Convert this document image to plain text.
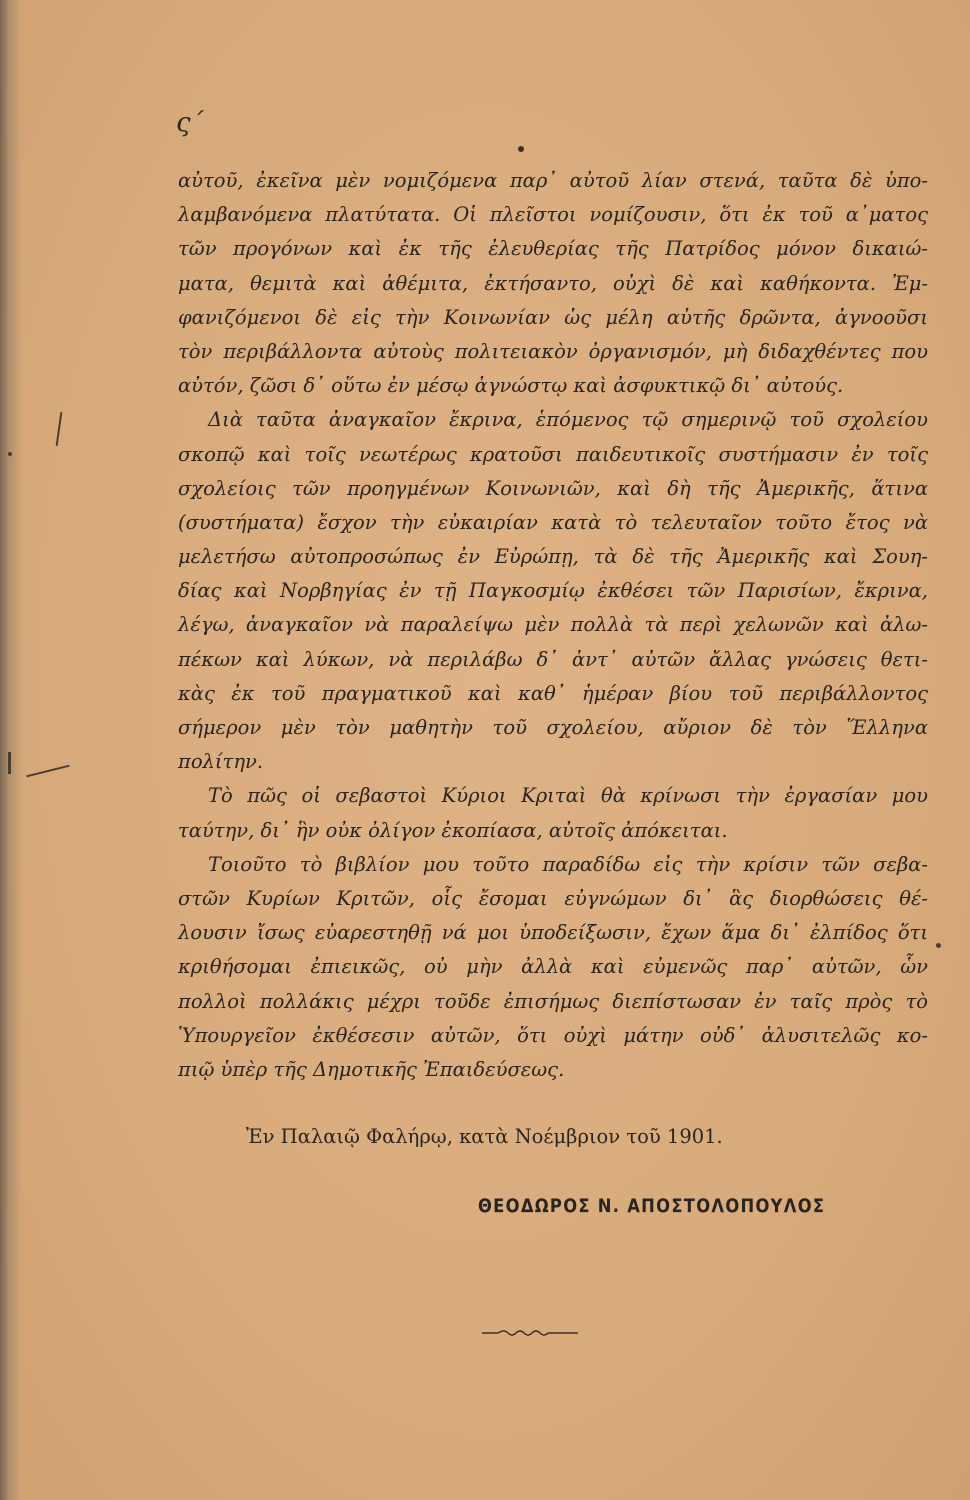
ς΄
αὐτοῦ, ἐκεῖνα μὲν νομιζόμενα παρ᾽ αὐτοῦ λίαν στενά, ταῦτα δὲ ὑπο-
λαμβανόμενα πλατύτατα. Οἱ πλεῖστοι νομίζουσιν, ὅτι ἐκ τοῦ α᾽ματος
τῶν προγόνων καὶ ἐκ τῆς ἐλευθερίας τῆς Πατρίδος μόνον δικαιώ-
ματα, θεμιτὰ καὶ ἀθέμιτα, ἐκτήσαντο, οὐχὶ δὲ καὶ καθήκοντα. Ἐμ-
φανιζόμενοι δὲ εἰς τὴν Κοινωνίαν ὡς μέλη αὐτῆς δρῶντα, ἀγνοοῦσι
τὸν περιβάλλοντα αὐτοὺς πολιτειακὸν ὀργανισμόν, μὴ διδαχθέντες που
αὐτόν, ζῶσι δ᾽ οὕτω ἐν μέσῳ ἀγνώστῳ καὶ ἀσφυκτικῷ δι᾽ αὐτούς.
Διὰ ταῦτα ἀναγκαῖον ἔκρινα, ἑπόμενος τῷ σημερινῷ τοῦ σχολείου
σκοπῷ καὶ τοῖς νεωτέρως κρατοῦσι παιδευτικοῖς συστήμασιν ἐν τοῖς
σχολείοις τῶν προηγμένων Κοινωνιῶν, καὶ δὴ τῆς Ἀμερικῆς, ἅτινα
(συστήματα) ἔσχον τὴν εὐκαιρίαν κατὰ τὸ τελευταῖον τοῦτο ἔτος νὰ
μελετήσω αὐτοπροσώπως ἐν Εὐρώπῃ, τὰ δὲ τῆς Ἀμερικῆς καὶ Σουη-
δίας καὶ Νορβηγίας ἐν τῇ Παγκοσμίῳ ἐκθέσει τῶν Παρισίων, ἔκρινα,
λέγω, ἀναγκαῖον νὰ παραλείψω μὲν πολλὰ τὰ περὶ χελωνῶν καὶ ἀλω-
πέκων καὶ λύκων, νὰ περιλάβω δ᾽ ἀντ᾽ αὐτῶν ἄλλας γνώσεις θετι-
κὰς ἐκ τοῦ πραγματικοῦ καὶ καθ᾽ ἡμέραν βίου τοῦ περιβάλλοντος
σήμερον μὲν τὸν μαθητὴν τοῦ σχολείου, αὔριον δὲ τὸν Ἕλληνα
πολίτην.
Τὸ πῶς οἱ σεβαστοὶ Κύριοι Κριταὶ θὰ κρίνωσι τὴν ἐργασίαν μου
ταύτην, δι᾽ ἣν οὐκ ὀλίγον ἐκοπίασα, αὐτοῖς ἀπόκειται.
Τοιοῦτο τὸ βιβλίον μου τοῦτο παραδίδω εἰς τὴν κρίσιν τῶν σεβα-
στῶν Κυρίων Κριτῶν, οἷς ἔσομαι εὐγνώμων δι᾽ ἃς διορθώσεις θέ-
λουσιν ἴσως εὐαρεστηθῇ νά μοι ὑποδείξωσιν, ἔχων ἅμα δι᾽ ἐλπίδος ὅτι
κριθήσομαι ἐπιεικῶς, οὐ μὴν ἀλλὰ καὶ εὐμενῶς παρ᾽ αὐτῶν, ὧν
πολλοὶ πολλάκις μέχρι τοῦδε ἐπισήμως διεπίστωσαν ἐν ταῖς πρὸς τὸ
Ὑπουργεῖον ἐκθέσεσιν αὐτῶν, ὅτι οὐχὶ μάτην οὐδ᾽ ἀλυσιτελῶς κο-
πιῷ ὑπὲρ τῆς Δημοτικῆς Ἐπαιδεύσεως.
Ἐν Παλαιῷ Φαλήρῳ, κατὰ Νοέμβριον τοῦ 1901.
ΘΕΟΔΩΡΟΣ Ν. ΑΠΟΣΤΟΛΟΠΟΥΛΟΣ
